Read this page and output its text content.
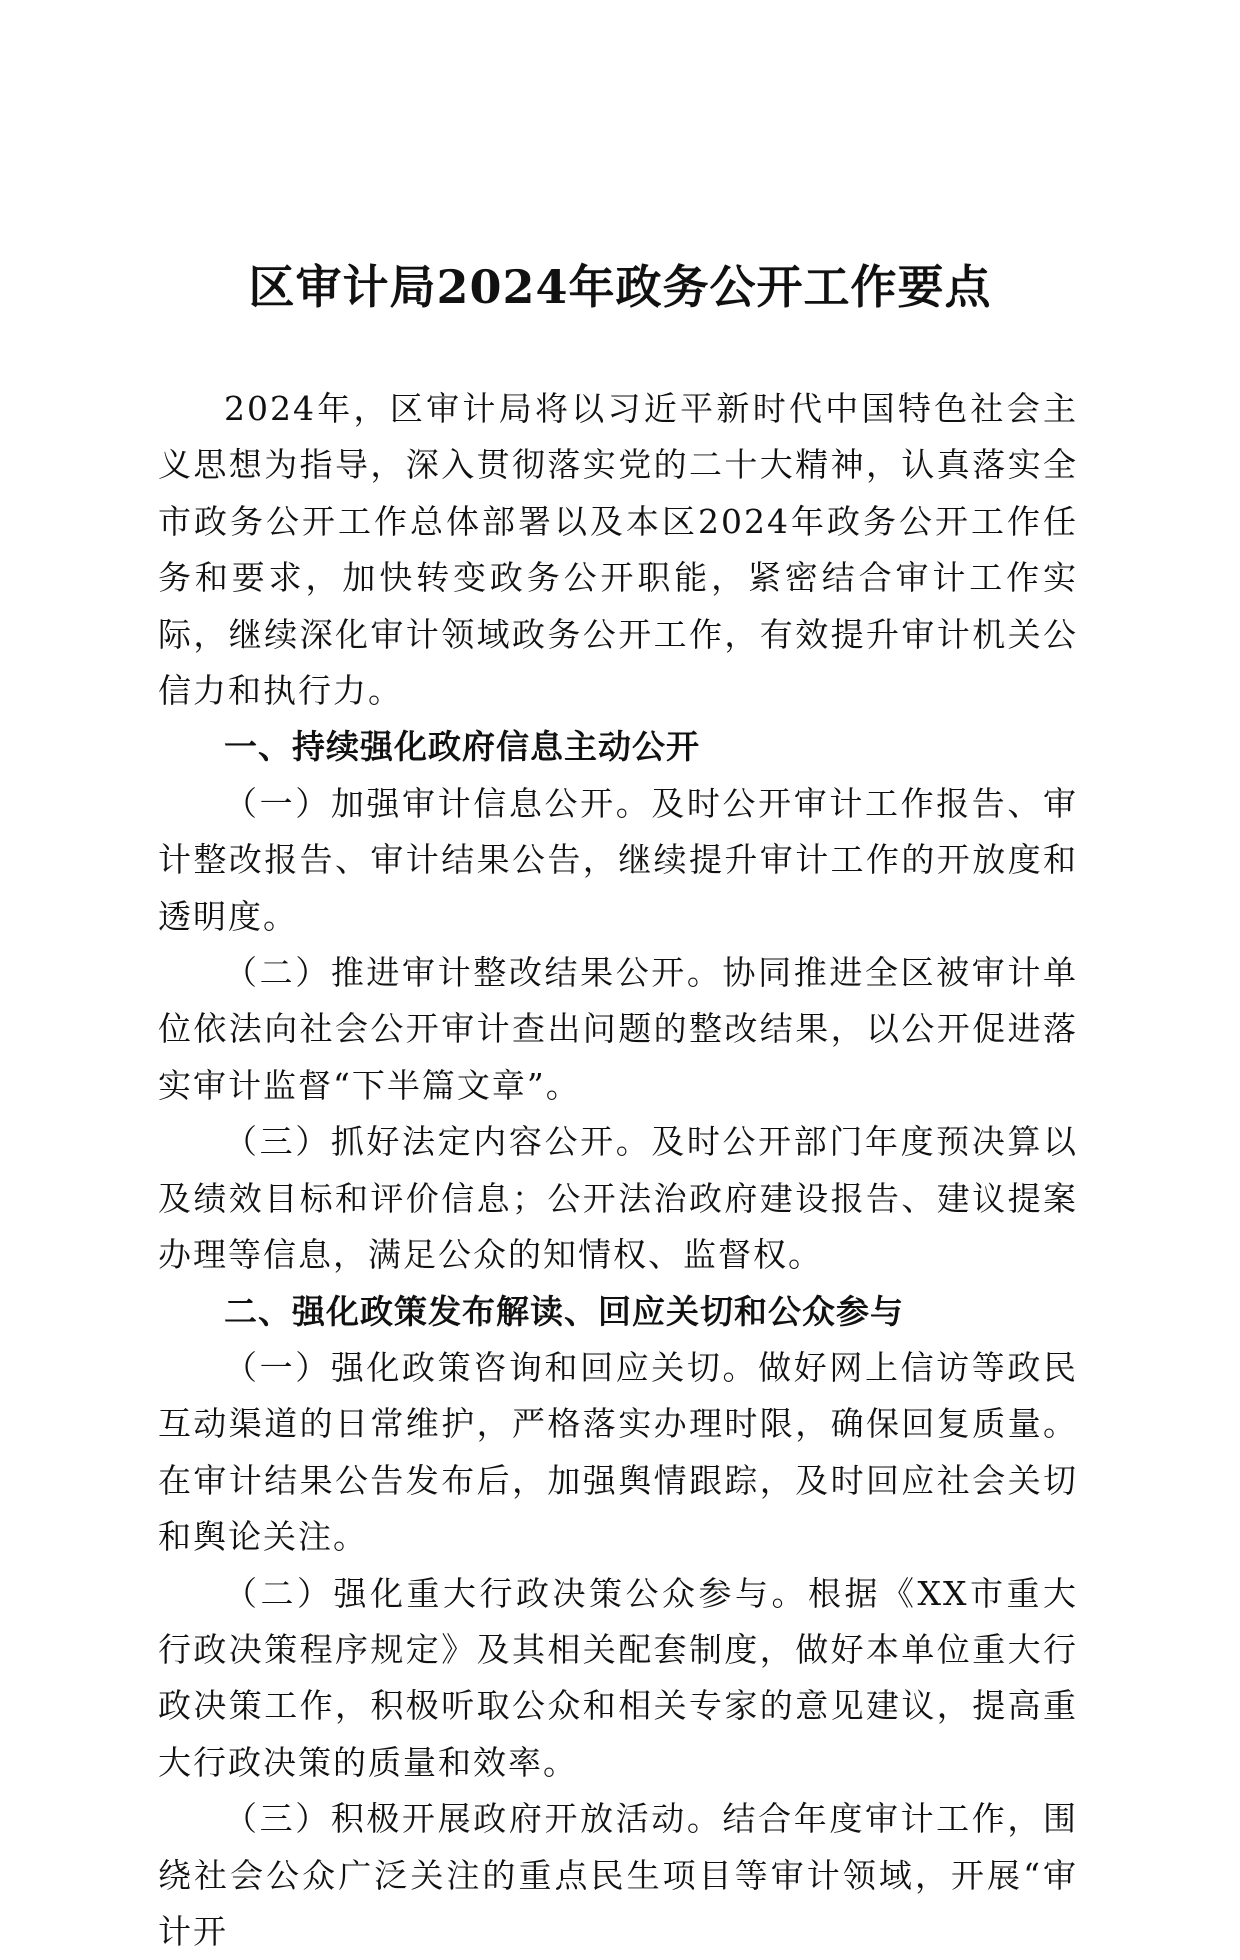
区审计局2024年政务公开工作要点

2024年，区审计局将以习近平新时代中国特色社会主义思想为指导，深入贯彻落实党的二十大精神，认真落实全市政务公开工作总体部署以及本区2024年政务公开工作任务和要求，加快转变政务公开职能，紧密结合审计工作实际，继续深化审计领域政务公开工作，有效提升审计机关公信力和执行力。

一、持续强化政府信息主动公开

（一）加强审计信息公开。及时公开审计工作报告、审计整改报告、审计结果公告，继续提升审计工作的开放度和透明度。

（二）推进审计整改结果公开。协同推进全区被审计单位依法向社会公开审计查出问题的整改结果，以公开促进落实审计监督“下半篇文章”。

（三）抓好法定内容公开。及时公开部门年度预决算以及绩效目标和评价信息；公开法治政府建设报告、建议提案办理等信息，满足公众的知情权、监督权。

二、强化政策发布解读、回应关切和公众参与

（一）强化政策咨询和回应关切。做好网上信访等政民互动渠道的日常维护，严格落实办理时限，确保回复质量。在审计结果公告发布后，加强舆情跟踪，及时回应社会关切和舆论关注。

（二）强化重大行政决策公众参与。根据《XX市重大行政决策程序规定》及其相关配套制度，做好本单位重大行政决策工作，积极听取公众和相关专家的意见建议，提高重大行政决策的质量和效率。

（三）积极开展政府开放活动。结合年度审计工作，围绕社会公众广泛关注的重点民生项目等审计领域，开展“审计开
